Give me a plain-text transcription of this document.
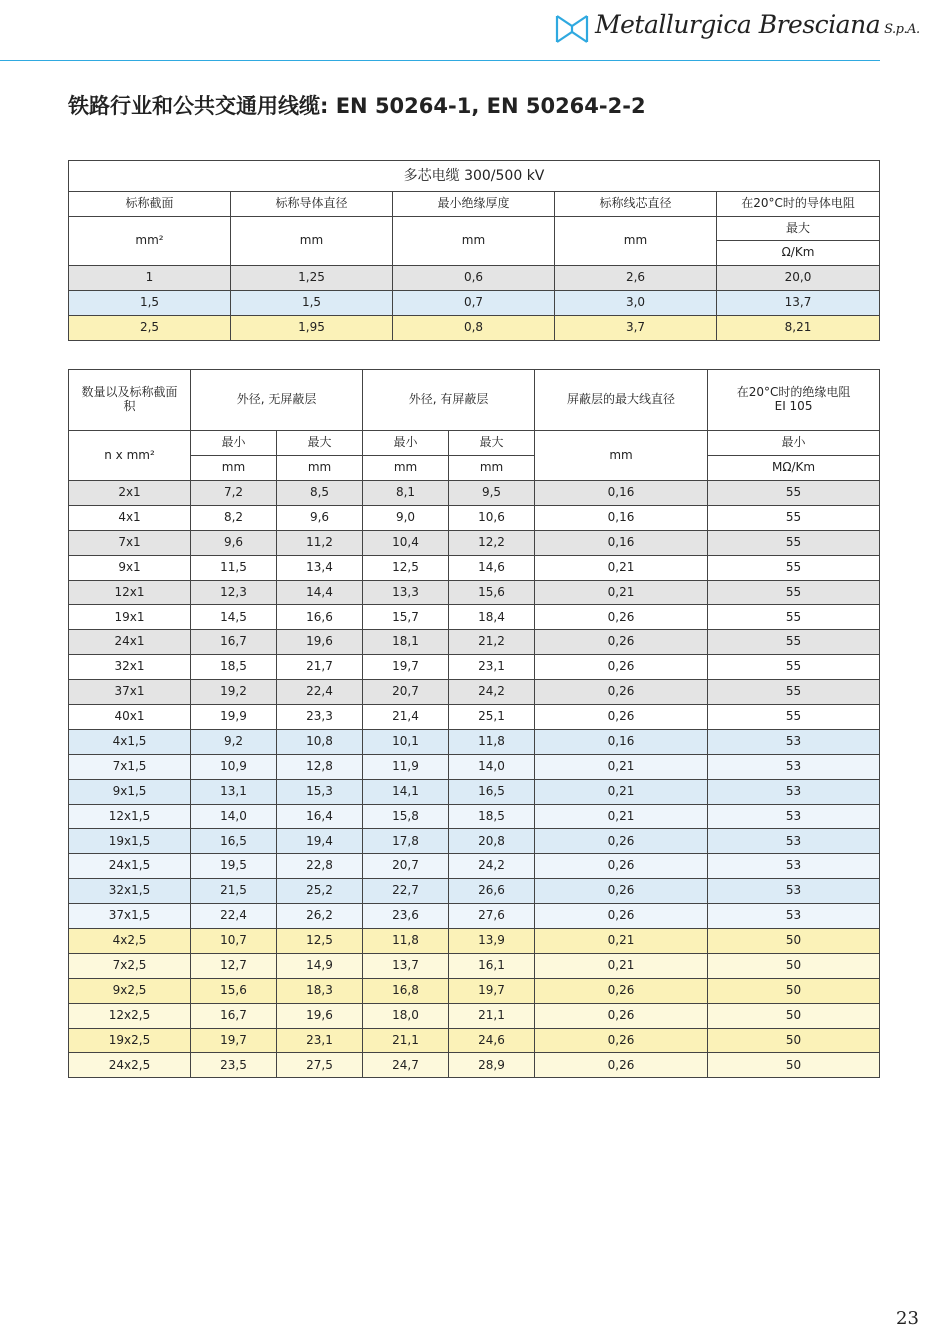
Metallurgica Bresciana S.p.A.
铁路行业和公共交通用线缆: EN 50264-1, EN 50264-2-2
多芯电缆 300/500 kV				
标称截面	标称导体直径	最小绝缘厚度	标称线芯直径	在20°C时的导体电阻
mm²	mm	mm	mm	最大
				Ω/Km
1	1,25	0,6	2,6	20,0
1,5	1,5	0,7	3,0	13,7
2,5	1,95	0,8	3,7	8,21
数量以及标称截面积	外径, 无屏蔽层		外径, 有屏蔽层		屏蔽层的最大线直径	在20°C时的绝缘电阻
EI 105
n x mm²	最小	最大	最小	最大	mm	最小
	mm	mm	mm	mm		MΩ/Km
2x1	7,2	8,5	8,1	9,5	0,16	55
4x1	8,2	9,6	9,0	10,6	0,16	55
7x1	9,6	11,2	10,4	12,2	0,16	55
9x1	11,5	13,4	12,5	14,6	0,21	55
12x1	12,3	14,4	13,3	15,6	0,21	55
19x1	14,5	16,6	15,7	18,4	0,26	55
24x1	16,7	19,6	18,1	21,2	0,26	55
32x1	18,5	21,7	19,7	23,1	0,26	55
37x1	19,2	22,4	20,7	24,2	0,26	55
40x1	19,9	23,3	21,4	25,1	0,26	55
4x1,5	9,2	10,8	10,1	11,8	0,16	53
7x1,5	10,9	12,8	11,9	14,0	0,21	53
9x1,5	13,1	15,3	14,1	16,5	0,21	53
12x1,5	14,0	16,4	15,8	18,5	0,21	53
19x1,5	16,5	19,4	17,8	20,8	0,26	53
24x1,5	19,5	22,8	20,7	24,2	0,26	53
32x1,5	21,5	25,2	22,7	26,6	0,26	53
37x1,5	22,4	26,2	23,6	27,6	0,26	53
4x2,5	10,7	12,5	11,8	13,9	0,21	50
7x2,5	12,7	14,9	13,7	16,1	0,21	50
9x2,5	15,6	18,3	16,8	19,7	0,26	50
12x2,5	16,7	19,6	18,0	21,1	0,26	50
19x2,5	19,7	23,1	21,1	24,6	0,26	50
24x2,5	23,5	27,5	24,7	28,9	0,26	50
23
